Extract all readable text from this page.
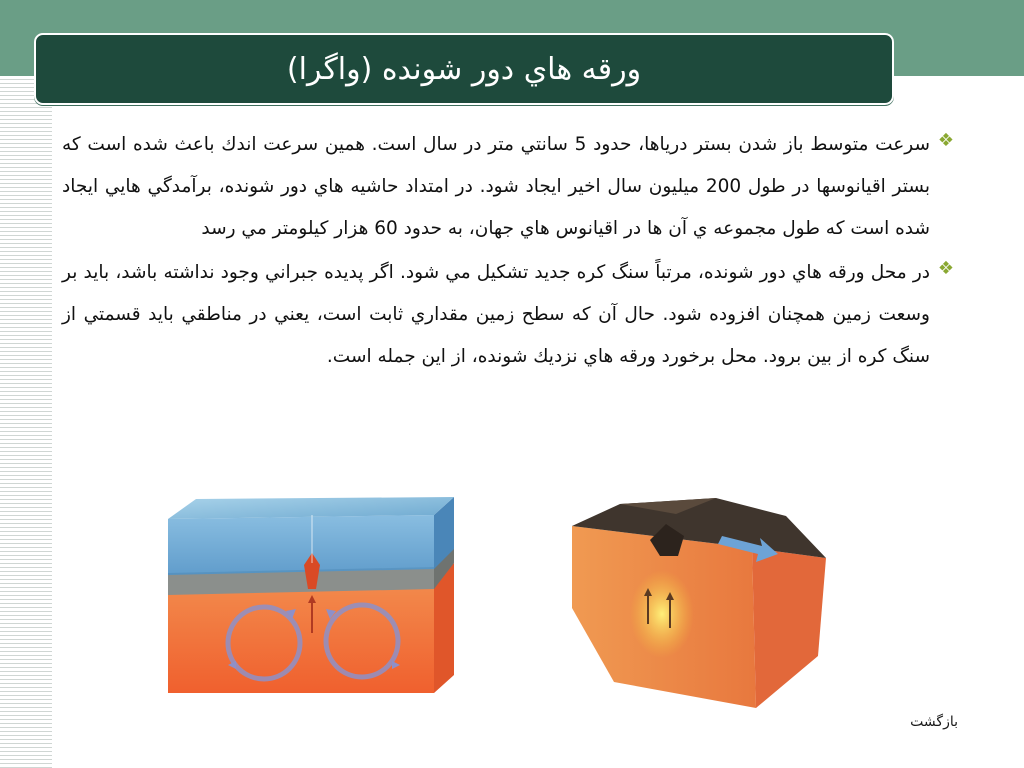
ورقه هاي دور شونده (واگرا)
❖
سرعت متوسط باز شدن بستر درياها، حدود 5 سانتي متر در سال است. همين سرعت اندك باعث شده است كه بستر اقيانوسها در طول 200 ميليون سال اخير ايجاد شود. در امتداد حاشيه هاي دور شونده، برآمدگي هايي ايجاد شده است كه طول مجموعه ي آن ها در اقيانوس هاي جهان، به حدود 60 هزار كيلومتر مي رسد
❖
در محل ورقه هاي دور شونده، مرتباً سنگ كره جديد تشكيل مي شود. اگر پديده جبراني وجود نداشته باشد، بايد بر وسعت زمين همچنان افزوده شود. حال آن كه سطح زمين مقداري ثابت است، يعني در مناطقي بايد قسمتي از سنگ كره از بين برود. محل برخورد ورقه هاي نزديك شونده، از اين جمله است.
بازگشت
